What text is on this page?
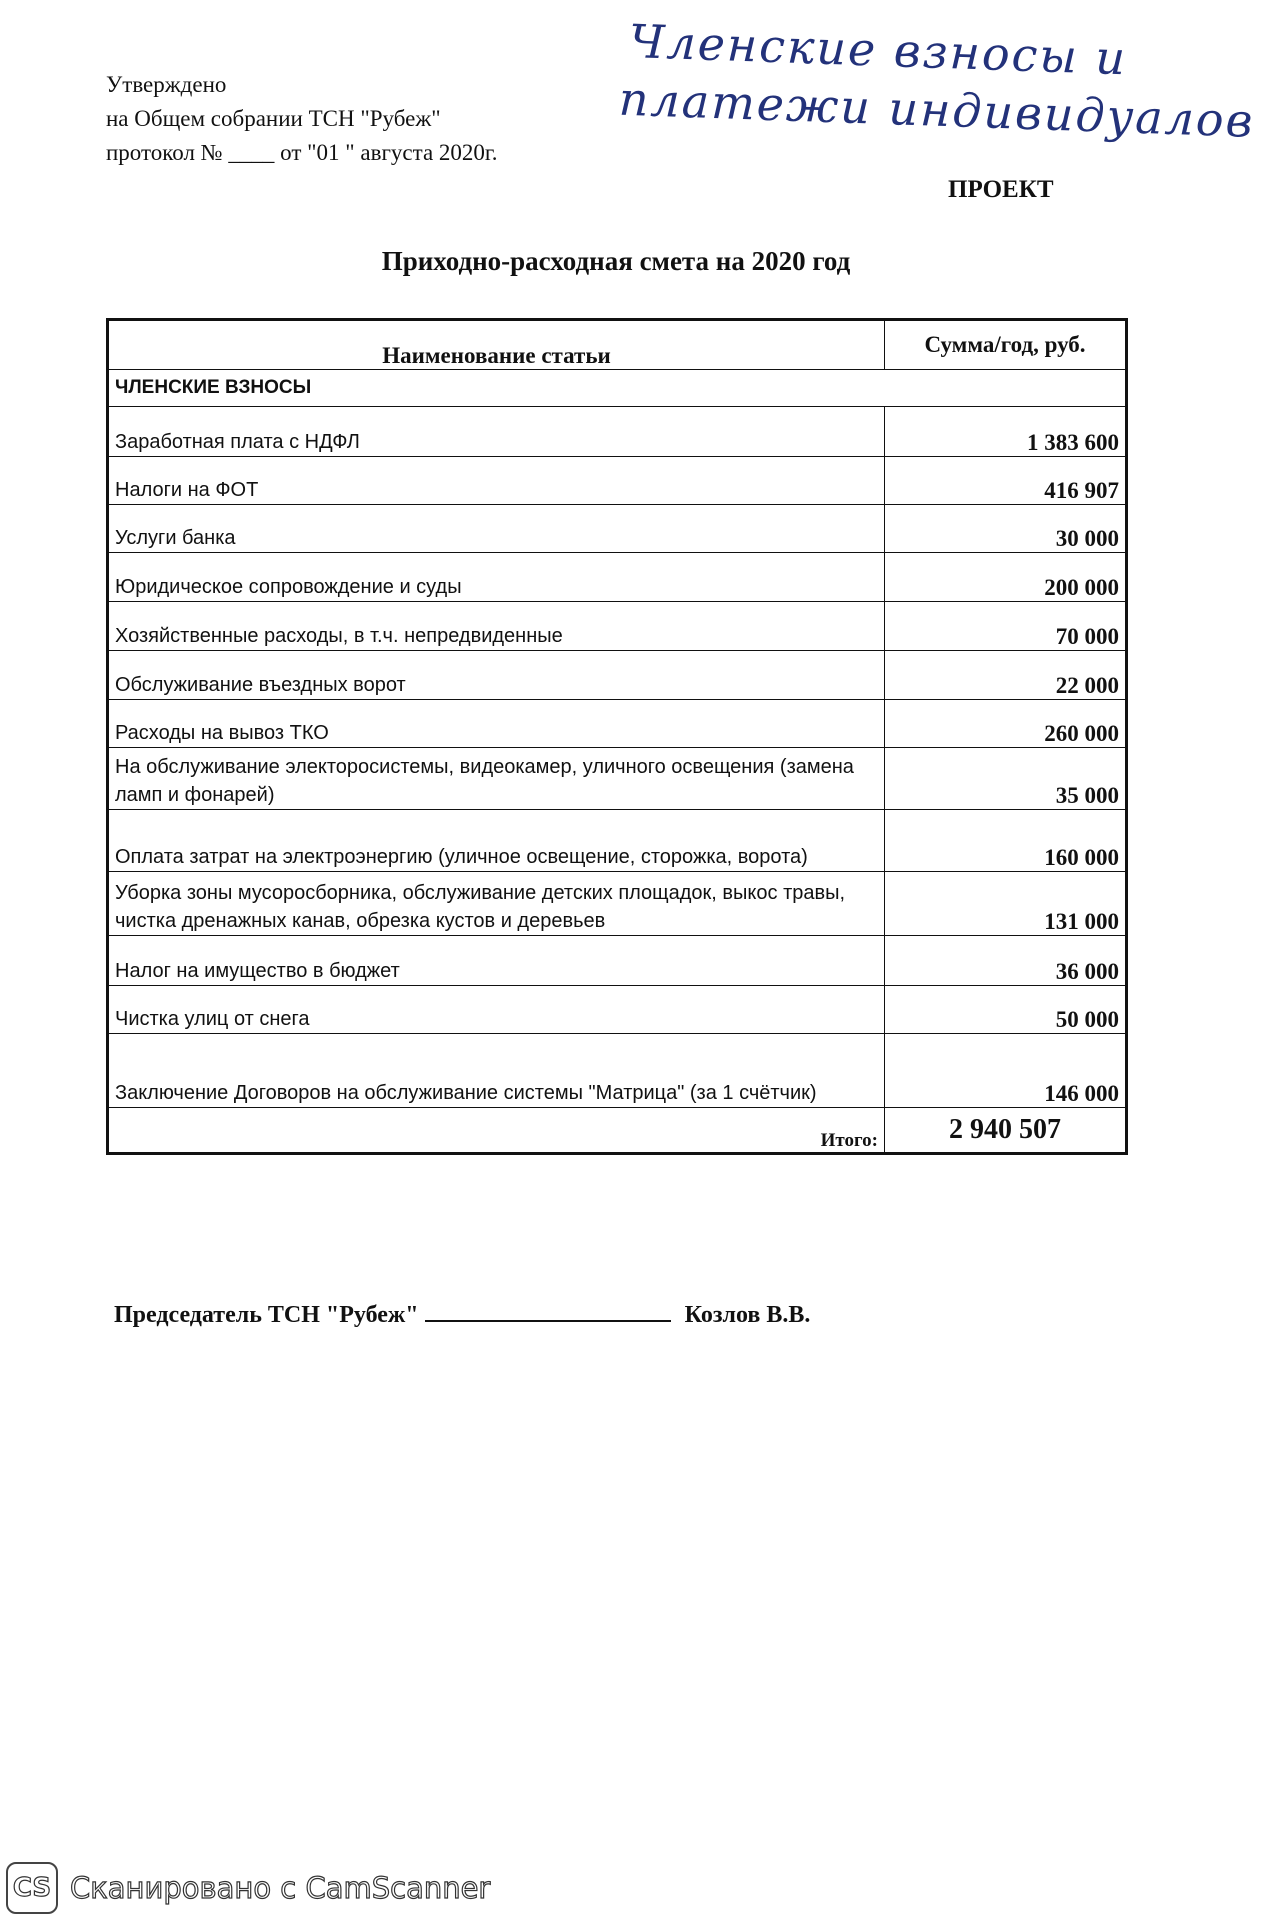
Утверждено
на Общем собрании ТСН "Рубеж"
протокол № ____ от "01 " августа 2020г.
Членские взносы и
платежи индивидуалов
ПРОЕКТ
Приходно-расходная смета на 2020 год
Наименование статьи	Сумма/год, руб.
ЧЛЕНСКИЕ ВЗНОСЫ	
Заработная плата с НДФЛ	1 383 600
Налоги на ФОТ	416 907
Услуги банка	30 000
Юридическое сопровождение и суды	200 000
Хозяйственные расходы, в т.ч. непредвиденные	70 000
Обслуживание въездных ворот	22 000
Расходы на вывоз ТКО	260 000
На обслуживание электоросистемы, видеокамер, уличного освещения (замена ламп и фонарей)	35 000
Оплата затрат на электроэнергию (уличное освещение, сторожка, ворота)	160 000
Уборка зоны мусоросборника, обслуживание детских площадок, выкос травы, чистка дренажных канав, обрезка кустов и деревьев	131 000
Налог на имущество в бюджет	36 000
Чистка улиц от снега	50 000
Заключение Договоров на обслуживание системы "Матрица" (за 1 счётчик)	146 000
Итого:	2 940 507
Председатель ТСН "Рубеж"	Козлов В.В.
CS Сканировано с CamScanner
